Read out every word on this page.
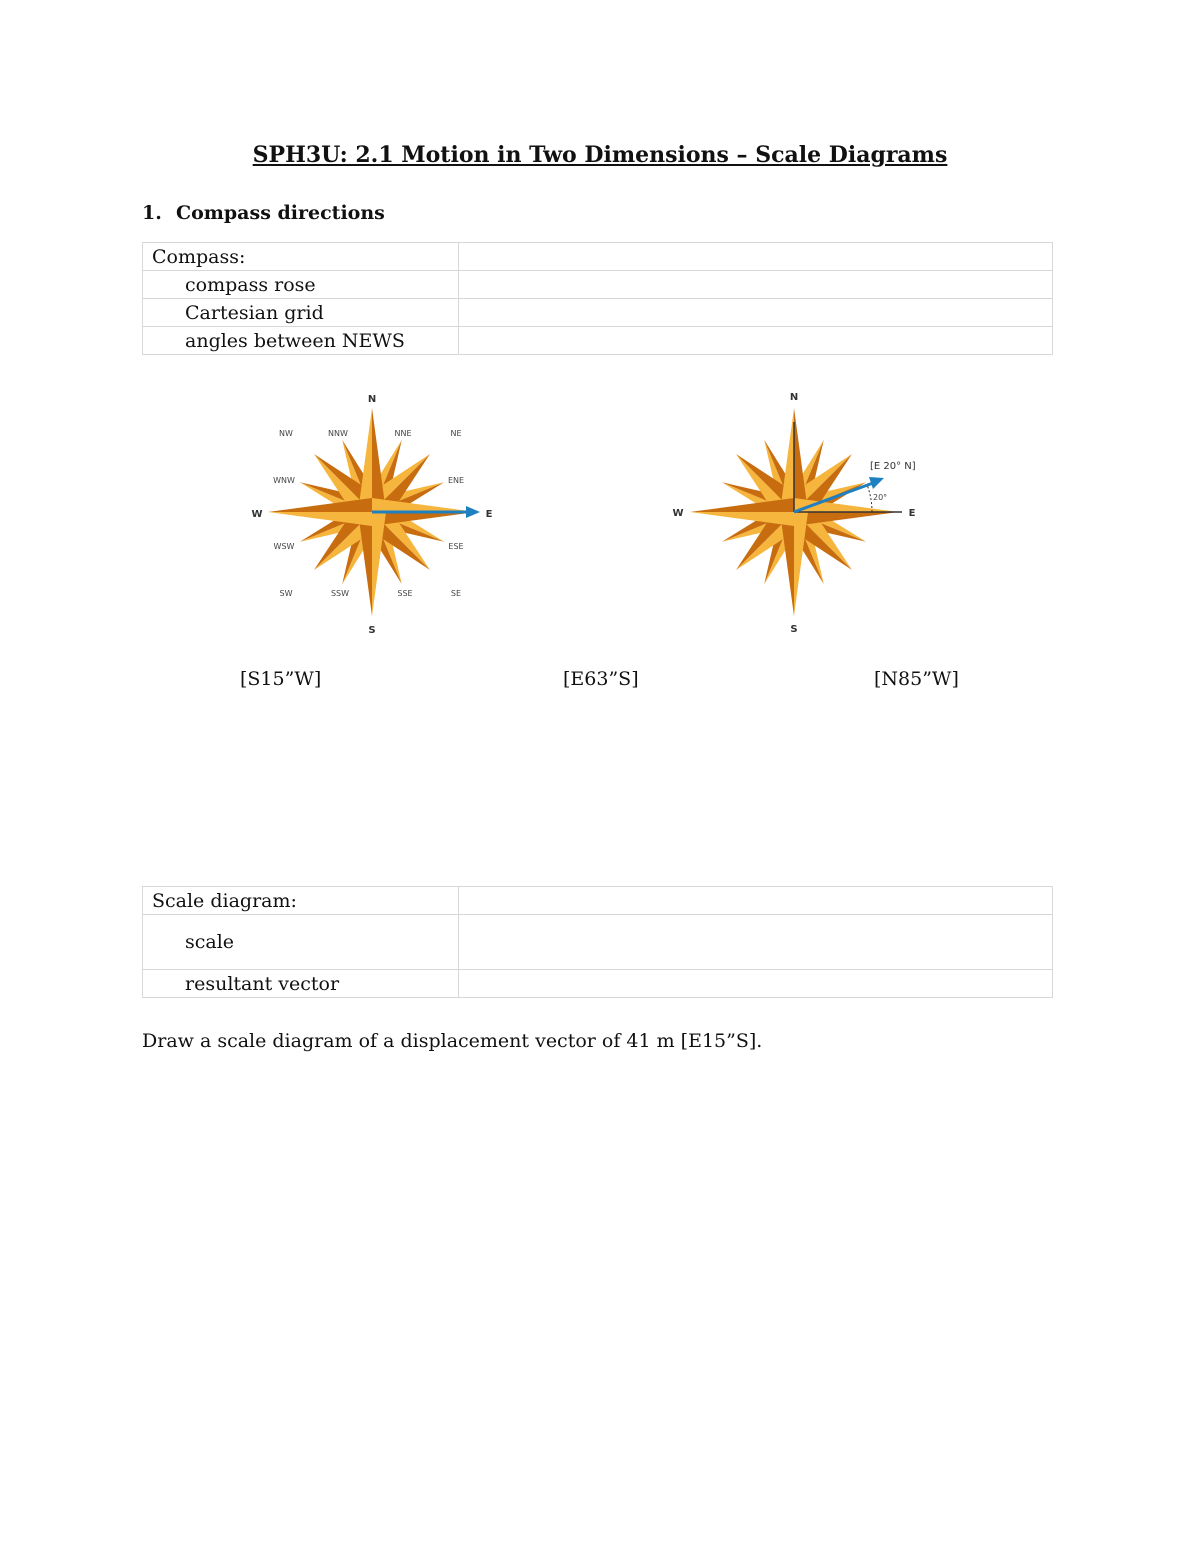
SPH3U: 2.1 Motion in Two Dimensions – Scale Diagrams
1. Compass directions
Compass:	
compass rose	
Cartesian grid	
angles between NEWS	
N
S
E
W
NW	NNW	NNE	NE
WNW	ENE
WSW	ESE
SW	SSW	SSE	SE
[E 20° N]
20°
N
S
E
W
[S15”W]	[E63”S]	[N85”W]
Scale diagram:	
scale	
resultant vector	
Draw a scale diagram of a displacement vector of 41 m [E15”S].
